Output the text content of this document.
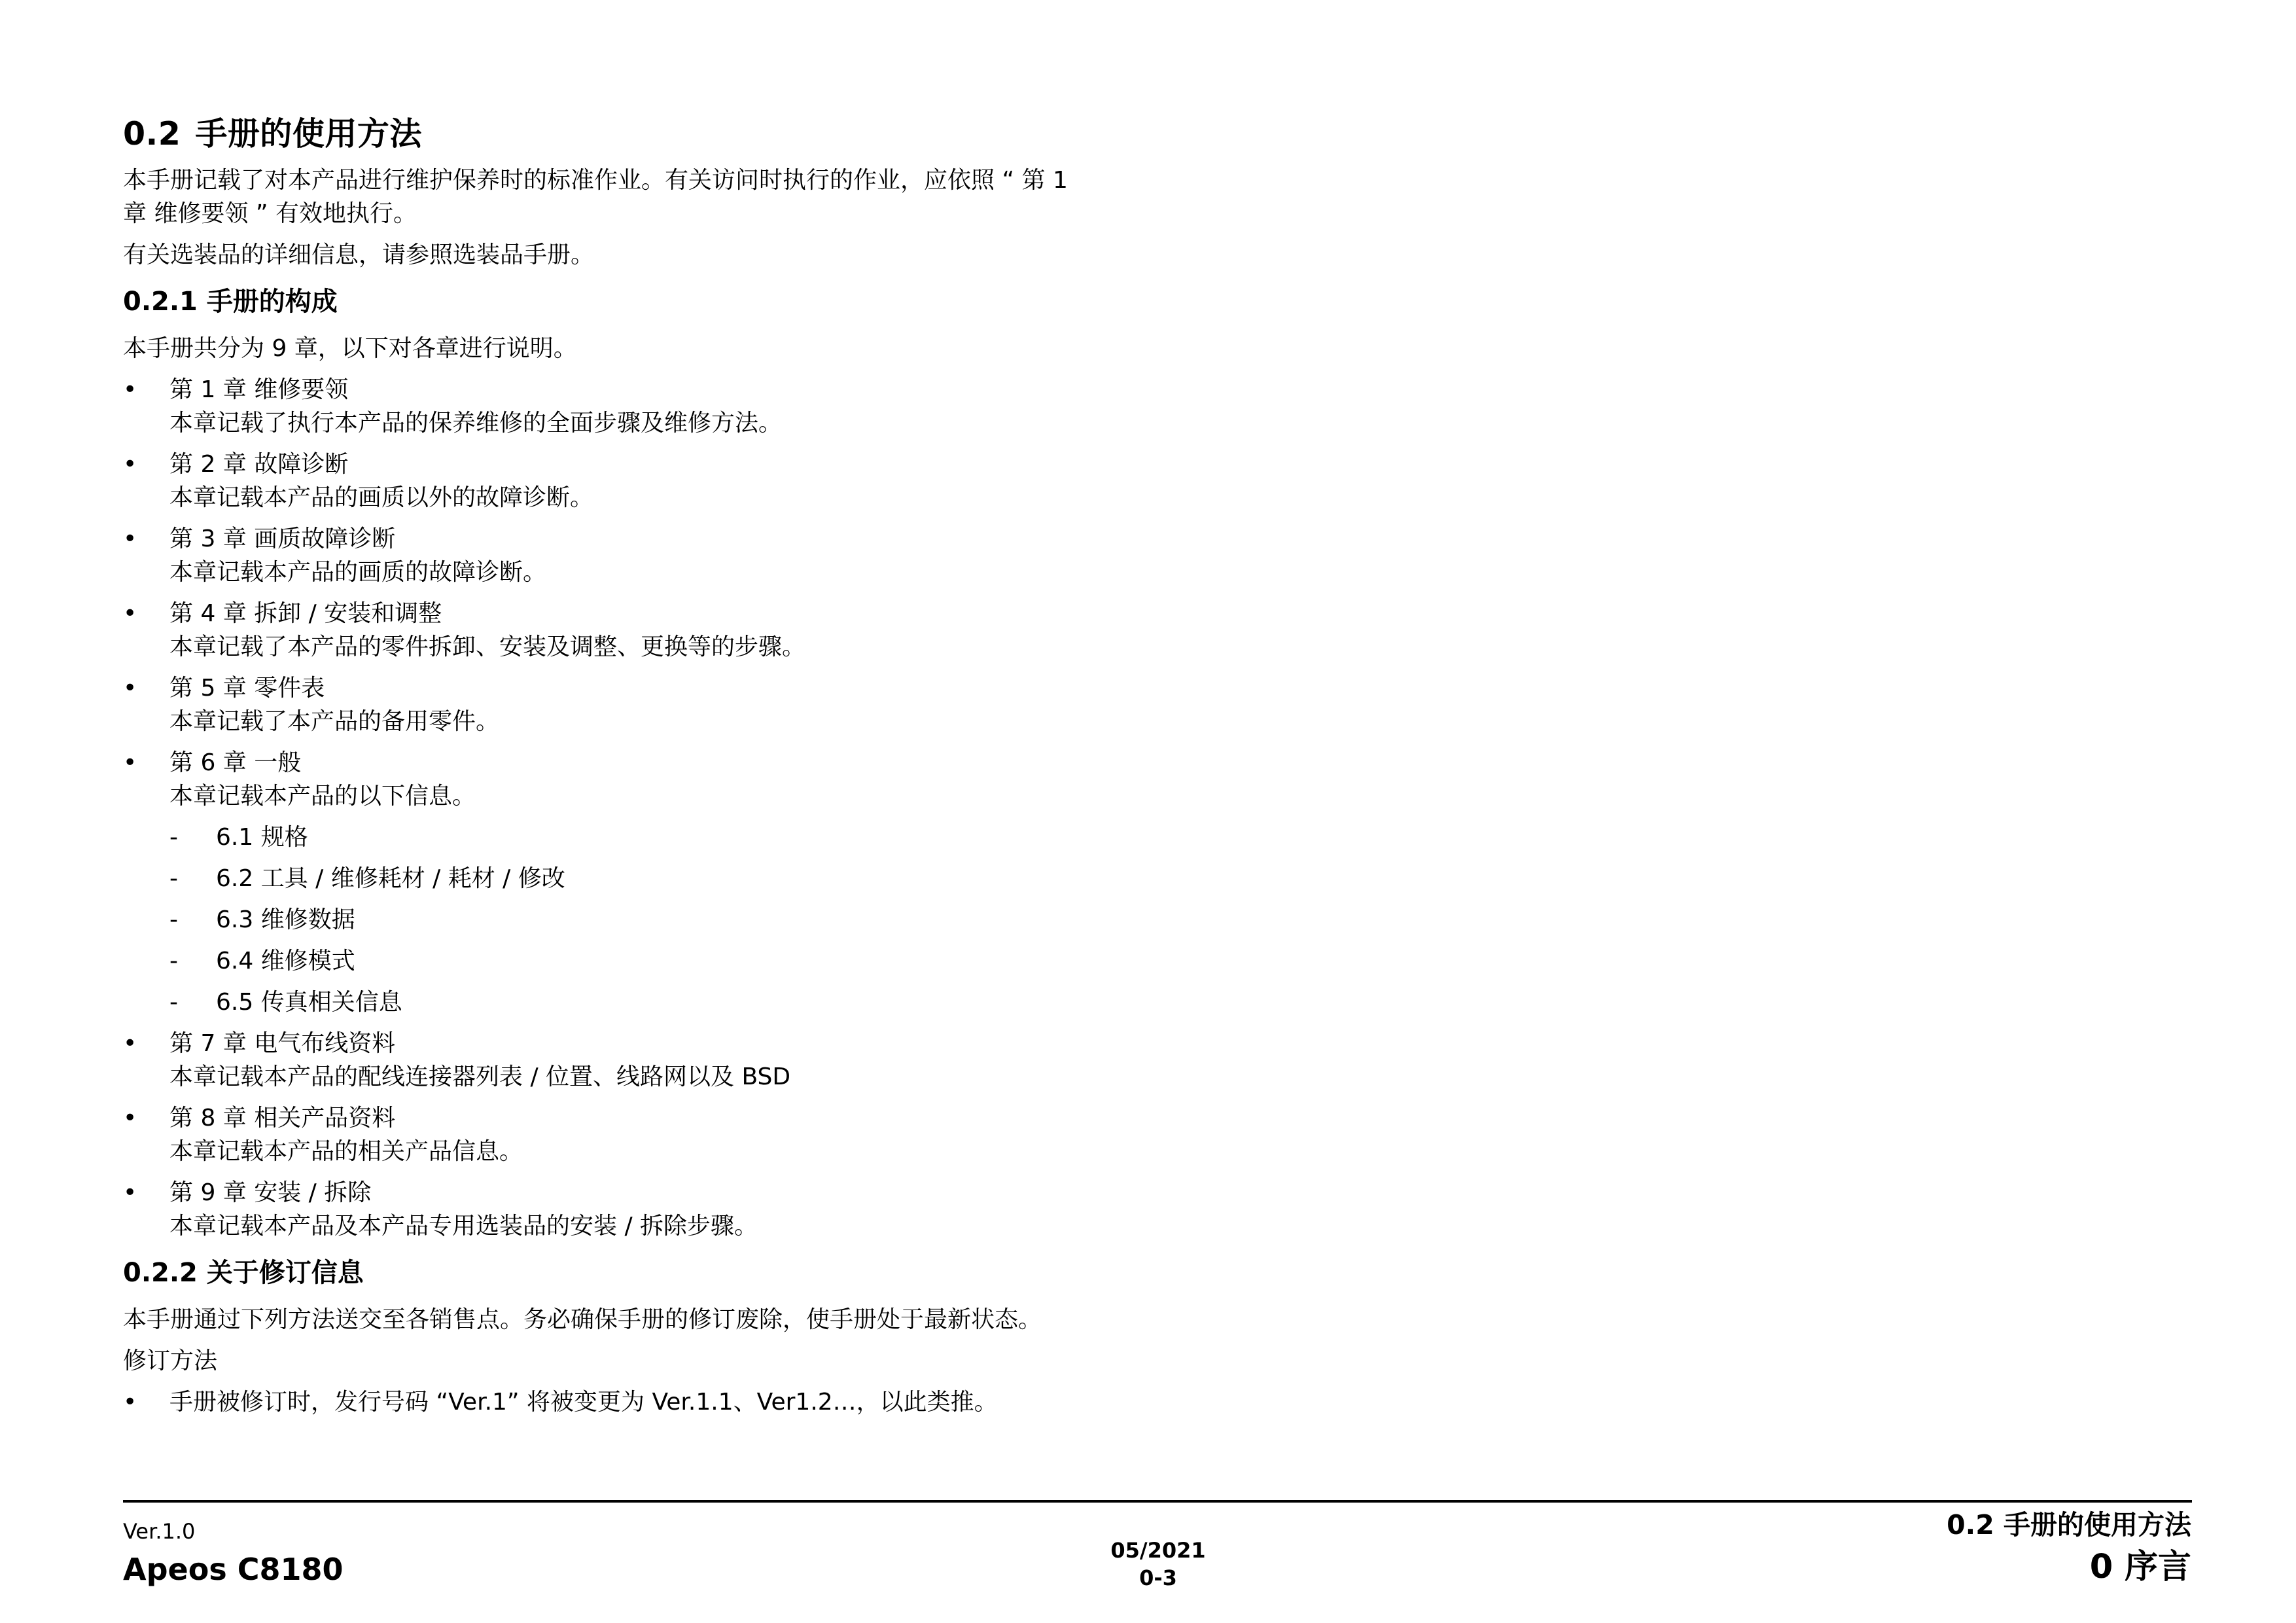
0.2 手册的使用方法
本手册记载了对本产品进行维护保养时的标准作业。有关访问时执行的作业，应依照 “ 第 1
章 维修要领 ” 有效地执行。
有关选装品的详细信息，请参照选装品手册。
0.2.1 手册的构成
本手册共分为 9 章，以下对各章进行说明。
•	第 1 章 维修要领
本章记载了执行本产品的保养维修的全面步骤及维修方法。
•	第 2 章 故障诊断
本章记载本产品的画质以外的故障诊断。
•	第 3 章 画质故障诊断
本章记载本产品的画质的故障诊断。
•	第 4 章 拆卸 / 安装和调整
本章记载了本产品的零件拆卸、安装及调整、更换等的步骤。
•	第 5 章 零件表
本章记载了本产品的备用零件。
•	第 6 章 一般
本章记载本产品的以下信息。
-	6.1 规格
-	6.2 工具 / 维修耗材 / 耗材 / 修改
-	6.3 维修数据
-	6.4 维修模式
-	6.5 传真相关信息
•	第 7 章 电气布线资料
本章记载本产品的配线连接器列表 / 位置、线路网以及 BSD
•	第 8 章 相关产品资料
本章记载本产品的相关产品信息。
•	第 9 章 安装 / 拆除
本章记载本产品及本产品专用选装品的安装 / 拆除步骤。
0.2.2 关于修订信息
本手册通过下列方法送交至各销售点。务必确保手册的修订废除，使手册处于最新状态。
修订方法
•	手册被修订时，发行号码 “Ver.1” 将被变更为 Ver.1.1、Ver1.2…，以此类推。
Ver.1.0
Apeos C8180
05/2021
0-3
0.2 手册的使用方法
0 序言
